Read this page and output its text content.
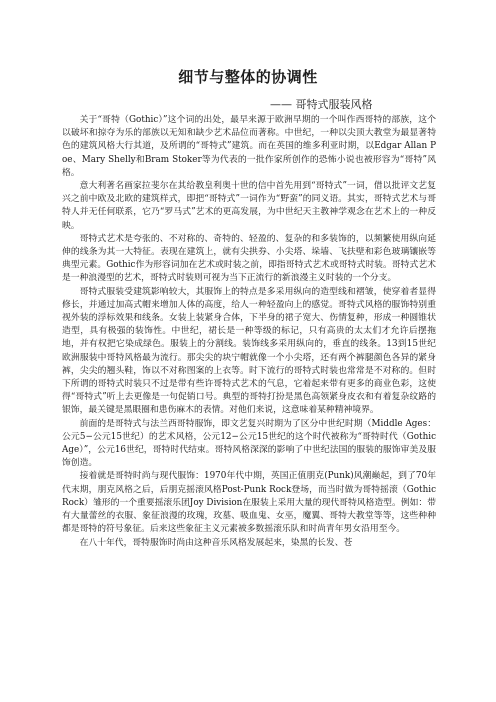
细节与整体的协调性
—— 哥特式服装风格

关于“哥特（Gothic）”这个词的出处，最早来源于欧洲早期的一个叫作西哥特的部族，这个以破坏和掠夺为乐的部族以无知和缺少艺术品位而著称。中世纪，一种以尖顶大教堂为最显著特色的建筑风格大行其道，及所谓的“哥特式”建筑。而在英国的维多利亚时期，以Edgar Allan Poe、Mary Shelly和Bram Stoker等为代表的一批作家所创作的恐怖小说也被形容为“哥特”风格。

意大利著名画家拉斐尔在其给教皇利奥十世的信中首先用到“哥特式”一词，借以批评文艺复兴之前中欧及北欧的建筑样式，即把“哥特式”一词作为“野蛮”的同义语。其实，哥特式艺术与哥特人并无任何联系，它乃“罗马式”艺术的更高发展，为中世纪天主教神学观念在艺术上的一种反映。

哥特式艺术是夸张的、不对称的、奇特的、轻盈的、复杂的和多装饰的，以频繁使用纵向延伸的线条为其一大特征。表现在建筑上，就有尖拱券、小尖塔、垛墙、飞扶壁和彩色玻璃镶嵌等典型元素。Gothic作为形容词加在艺术或时装之前，即指哥特式艺术或哥特式时装。哥特式艺术是一种浪漫型的艺术，哥特式时装则可视为当下正流行的新浪漫主义时装的一个分支。

哥特式服装受建筑影响较大，其服饰上的特点是多采用纵向的造型线和褶皱，使穿着者显得修长，并通过加高式帽来增加人体的高度，给人一种轻盈向上的感觉。哥特式风格的服饰特别重视外装的浮标效果和线条。女装上装紧身合体，下半身的裙子宽大、伤情复种，形成一种圆锥状造型，具有极强的装饰性。中世纪，裙长是一种等级的标记，只有高贵的太太们才允许后摆拖地，并有权把它染成绿色。服装上的分割线。装饰线多采用纵向的，垂直的线条。13到15世纪欧洲服装中哥特风格最为流行。那尖尖的块宁帽就像一个小尖塔，还有两个裤腿颜色各异的紧身裤，尖尖的翘头鞋，饰以不对称图案的上衣等。时下流行的哥特式时装也常常是不对称的。但时下所谓的哥特式时装只不过是带有些许哥特式艺术的气息，它着起来带有更多的商业色彩，这使得“哥特式”听上去更像是一句促销口号。典型的哥特打扮是黑色高领紧身皮衣和有着复杂纹路的银饰，最关键是黑眼圈和患伤麻木的表情。对他们来说，这意味着某种精神境界。

前面的是哥特式与法兰西哥特服饰，即文艺复兴时期为了区分中世纪时期（Middle Ages：公元5−公元15世纪）的艺术风格，公元12−公元15世纪的这个时代被称为“哥特时代（Gothic Age）”，公元16世纪，哥特时代结束。哥特风格深深的影响了中世纪法国的服装的服饰审美及服饰创造。

接着就是哥特时尚与现代服饰：1970年代中期，英国正值朋克(Punk)风潮巅起，到了70年代末期，朋克风格之后，后朋克摇滚风格Post-Punk Rock登场，而当时做为哥特摇滚（Gothic Rock）雏形的一个重要摇滚乐团Joy Division在服装上采用大量的现代哥特风格造型。例如：带有大量蕾丝的衣服、象征浪漫的玫瑰，玫墓、吸血鬼、女巫，魔翼、哥特大教堂等等，这些种种都是哥特的符号象征。后来这些象征主义元素被多数摇滚乐队和时尚青年男女沿用至今。

在八十年代，哥特服饰时尚由这种音乐风格发展起来，染黑的长发、苍
